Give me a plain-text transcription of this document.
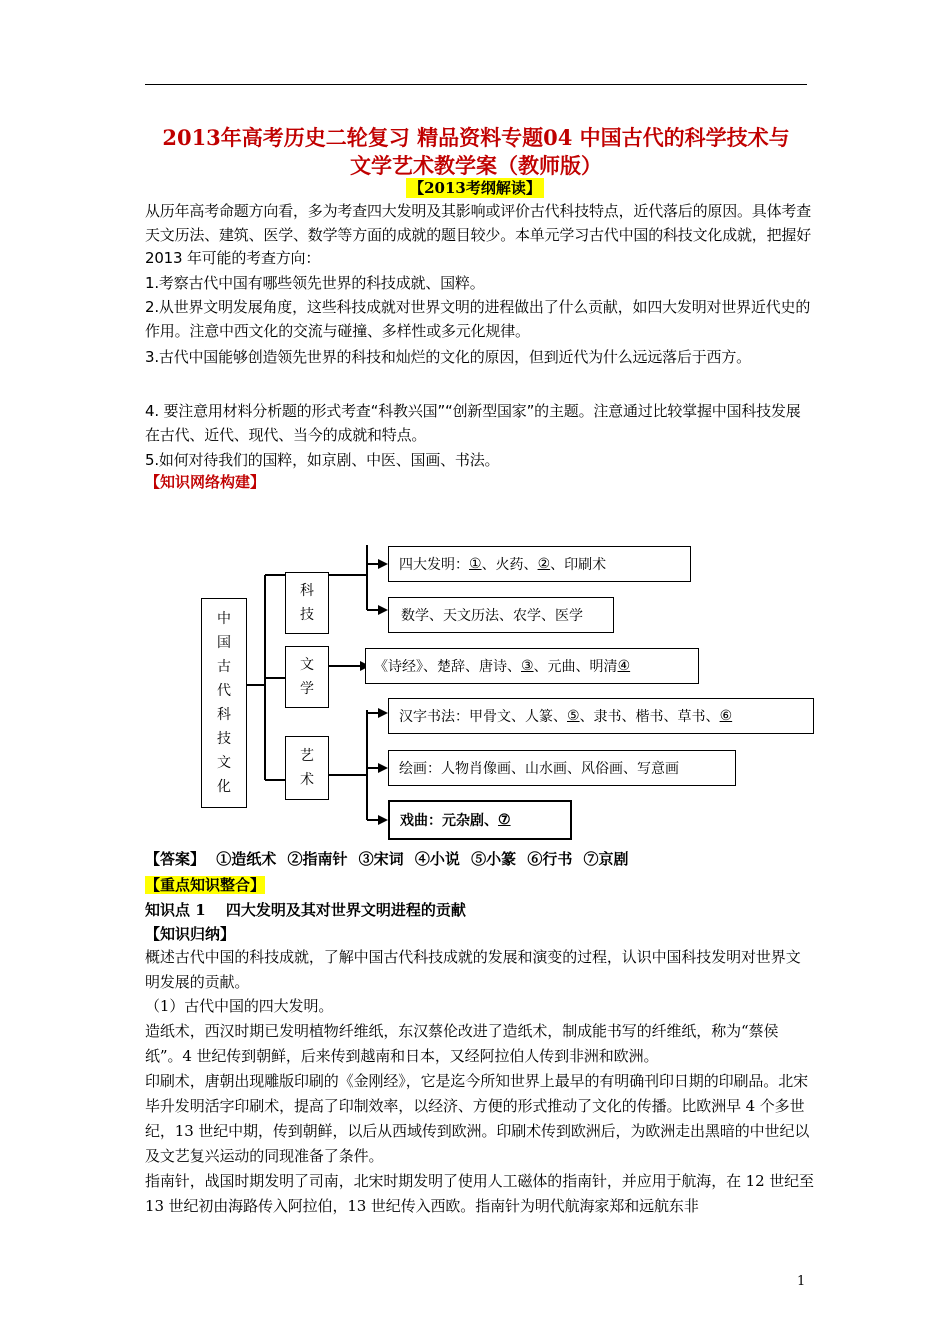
2013年高考历史二轮复习 精品资料专题04 中国古代的科学技术与
文学艺术教学案（教师版）
【2013考纲解读】
从历年高考命题方向看，多为考查四大发明及其影响或评价古代科技特点，近代落后的原因。具体考查天文历法、建筑、医学、数学等方面的成就的题目较少。本单元学习古代中国的科技文化成就，把握好 2013 年可能的考查方向：
1.考察古代中国有哪些领先世界的科技成就、国粹。
2.从世界文明发展角度，这些科技成就对世界文明的进程做出了什么贡献，如四大发明对世界近代史的作用。注意中西文化的交流与碰撞、多样性或多元化规律。
3.古代中国能够创造领先世界的科技和灿烂的文化的原因，但到近代为什么远远落后于西方。
4. 要注意用材料分析题的形式考查“科教兴国”“创新型国家”的主题。注意通过比较掌握中国科技发展在古代、近代、现代、当今的成就和特点。
5.如何对待我们的国粹，如京剧、中医、国画、书法。
【知识网络构建】
中
国
古
代
科
技
文
化
科
技
文
学
艺
术
四大发明： ① 、火药、 ② 、印刷术
数学、天文历法、农学、医学
《诗经》、楚辞、唐诗、 ③ 、元曲、明清 ④
汉字书法：甲骨文、人篆、 ⑤ 、隶书、楷书、草书、 ⑥
绘画：人物肖像画、山水画、风俗画、写意画
戏曲：元杂剧、 ⑦
【答案】 ①造纸术 ②指南针 ③宋词 ④小说 ⑤小篆 ⑥行书 ⑦京剧
【重点知识整合】
知识点 1　 四大发明及其对世界文明进程的贡献
【知识归纳】
概述古代中国的科技成就，了解中国古代科技成就的发展和演变的过程，认识中国科技发明对世界文明发展的贡献。
（1）古代中国的四大发明。
造纸术，西汉时期已发明植物纤维纸，东汉蔡伦改进了造纸术，制成能书写的纤维纸，称为“蔡侯纸”。4 世纪传到朝鲜，后来传到越南和日本，又经阿拉伯人传到非洲和欧洲。
印刷术，唐朝出现雕版印刷的《金刚经》，它是迄今所知世界上最早的有明确刊印日期的印刷品。北宋毕升发明活字印刷术，提高了印制效率，以经济、方便的形式推动了文化的传播。比欧洲早 4 个多世纪，13 世纪中期，传到朝鲜，以后从西域传到欧洲。印刷术传到欧洲后，为欧洲走出黑暗的中世纪以及文艺复兴运动的同现准备了条件。
指南针，战国时期发明了司南，北宋时期发明了使用人工磁体的指南针，并应用于航海，在 12 世纪至 13 世纪初由海路传入阿拉伯，13 世纪传入西欧。指南针为明代航海家郑和远航东非
1
